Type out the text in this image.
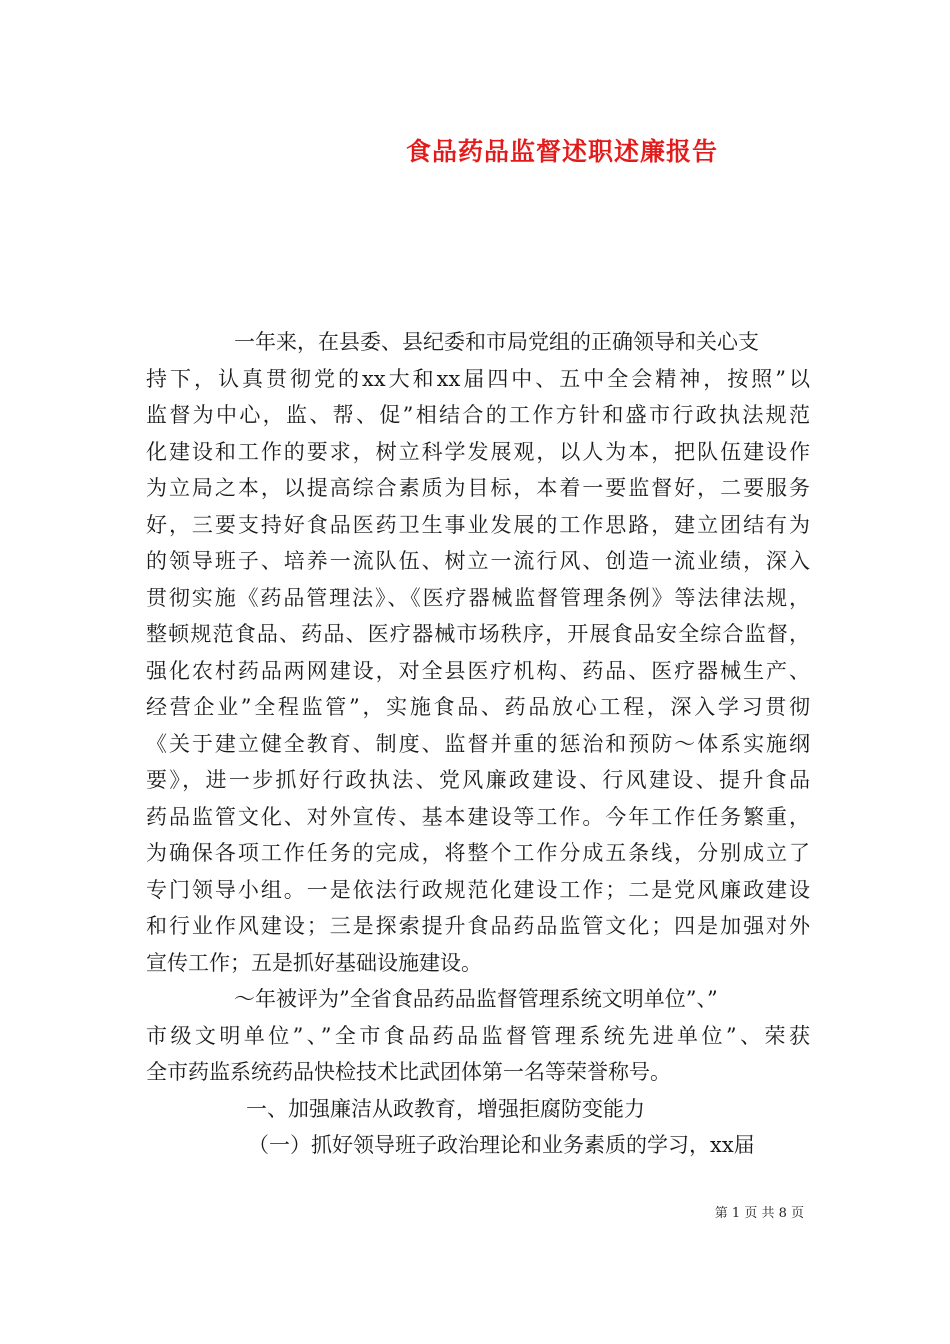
食品药品监督述职述廉报告
一年来，在县委、县纪委和市局党组的正确领导和关心支
持下，认真贯彻党的xx大和xx届四中、五中全会精神，按照”以
监督为中心，监、帮、促”相结合的工作方针和盛市行政执法规范
化建设和工作的要求，树立科学发展观，以人为本，把队伍建设作
为立局之本，以提高综合素质为目标，本着一要监督好，二要服务
好，三要支持好食品医药卫生事业发展的工作思路，建立团结有为
的领导班子、培养一流队伍、树立一流行风、创造一流业绩，深入
贯彻实施《药品管理法》、《医疗器械监督管理条例》等法律法规，
整顿规范食品、药品、医疗器械市场秩序，开展食品安全综合监督，
强化农村药品两网建设，对全县医疗机构、药品、医疗器械生产、
经营企业”全程监管”，实施食品、药品放心工程，深入学习贯彻
《关于建立健全教育、制度、监督并重的惩治和预防～体系实施纲
要》，进一步抓好行政执法、党风廉政建设、行风建设、提升食品
药品监管文化、对外宣传、基本建设等工作。今年工作任务繁重，
为确保各项工作任务的完成，将整个工作分成五条线，分别成立了
专门领导小组。一是依法行政规范化建设工作；二是党风廉政建设
和行业作风建设；三是探索提升食品药品监管文化；四是加强对外
宣传工作；五是抓好基础设施建设。
～年被评为”全省食品药品监督管理系统文明单位”、”
市级文明单位”、”全市食品药品监督管理系统先进单位”、荣获
全市药监系统药品快检技术比武团体第一名等荣誉称号。
一、加强廉洁从政教育，增强拒腐防变能力
（一）抓好领导班子政治理论和业务素质的学习，xx届
第 1 页 共 8 页
